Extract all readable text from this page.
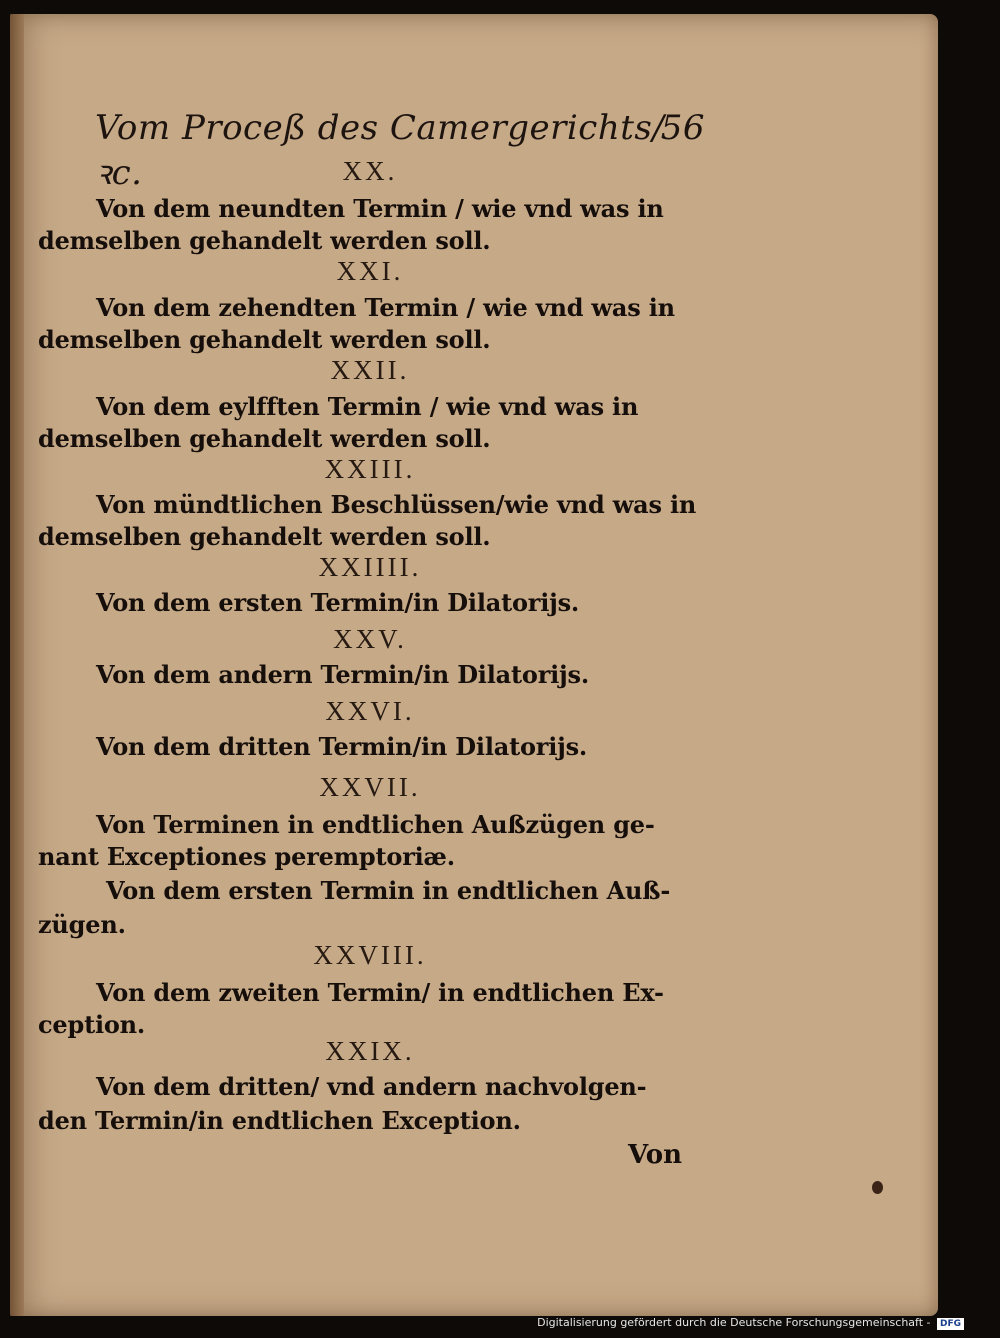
Vom Proceß des Camergerichts/ꝛc.
56
XX.
Von dem neundten Termin / wie vnd was in
demselben gehandelt werden soll.
XXI.
Von dem zehendten Termin / wie vnd was in
demselben gehandelt werden soll.
XXII.
Von dem eylfften Termin / wie vnd was in
demselben gehandelt werden soll.
XXIII.
Von mündtlichen Beschlüssen/wie vnd was in
demselben gehandelt werden soll.
XXIIII.
Von dem ersten Termin/in Dilatorijs.
XXV.
Von dem andern Termin/in Dilatorijs.
XXVI.
Von dem dritten Termin/in Dilatorijs.
XXVII.
Von Terminen in endtlichen Außzügen ge-
nant Exceptiones peremptoriæ.
Von dem ersten Termin in endtlichen Auß-
zügen.
XXVIII.
Von dem zweiten Termin/ in endtlichen Ex-
ception.
XXIX.
Von dem dritten/ vnd andern nachvolgen-
den Termin/in endtlichen Exception.
Von
Digitalisierung gefördert durch die Deutsche Forschungsgemeinschaft - DFG
